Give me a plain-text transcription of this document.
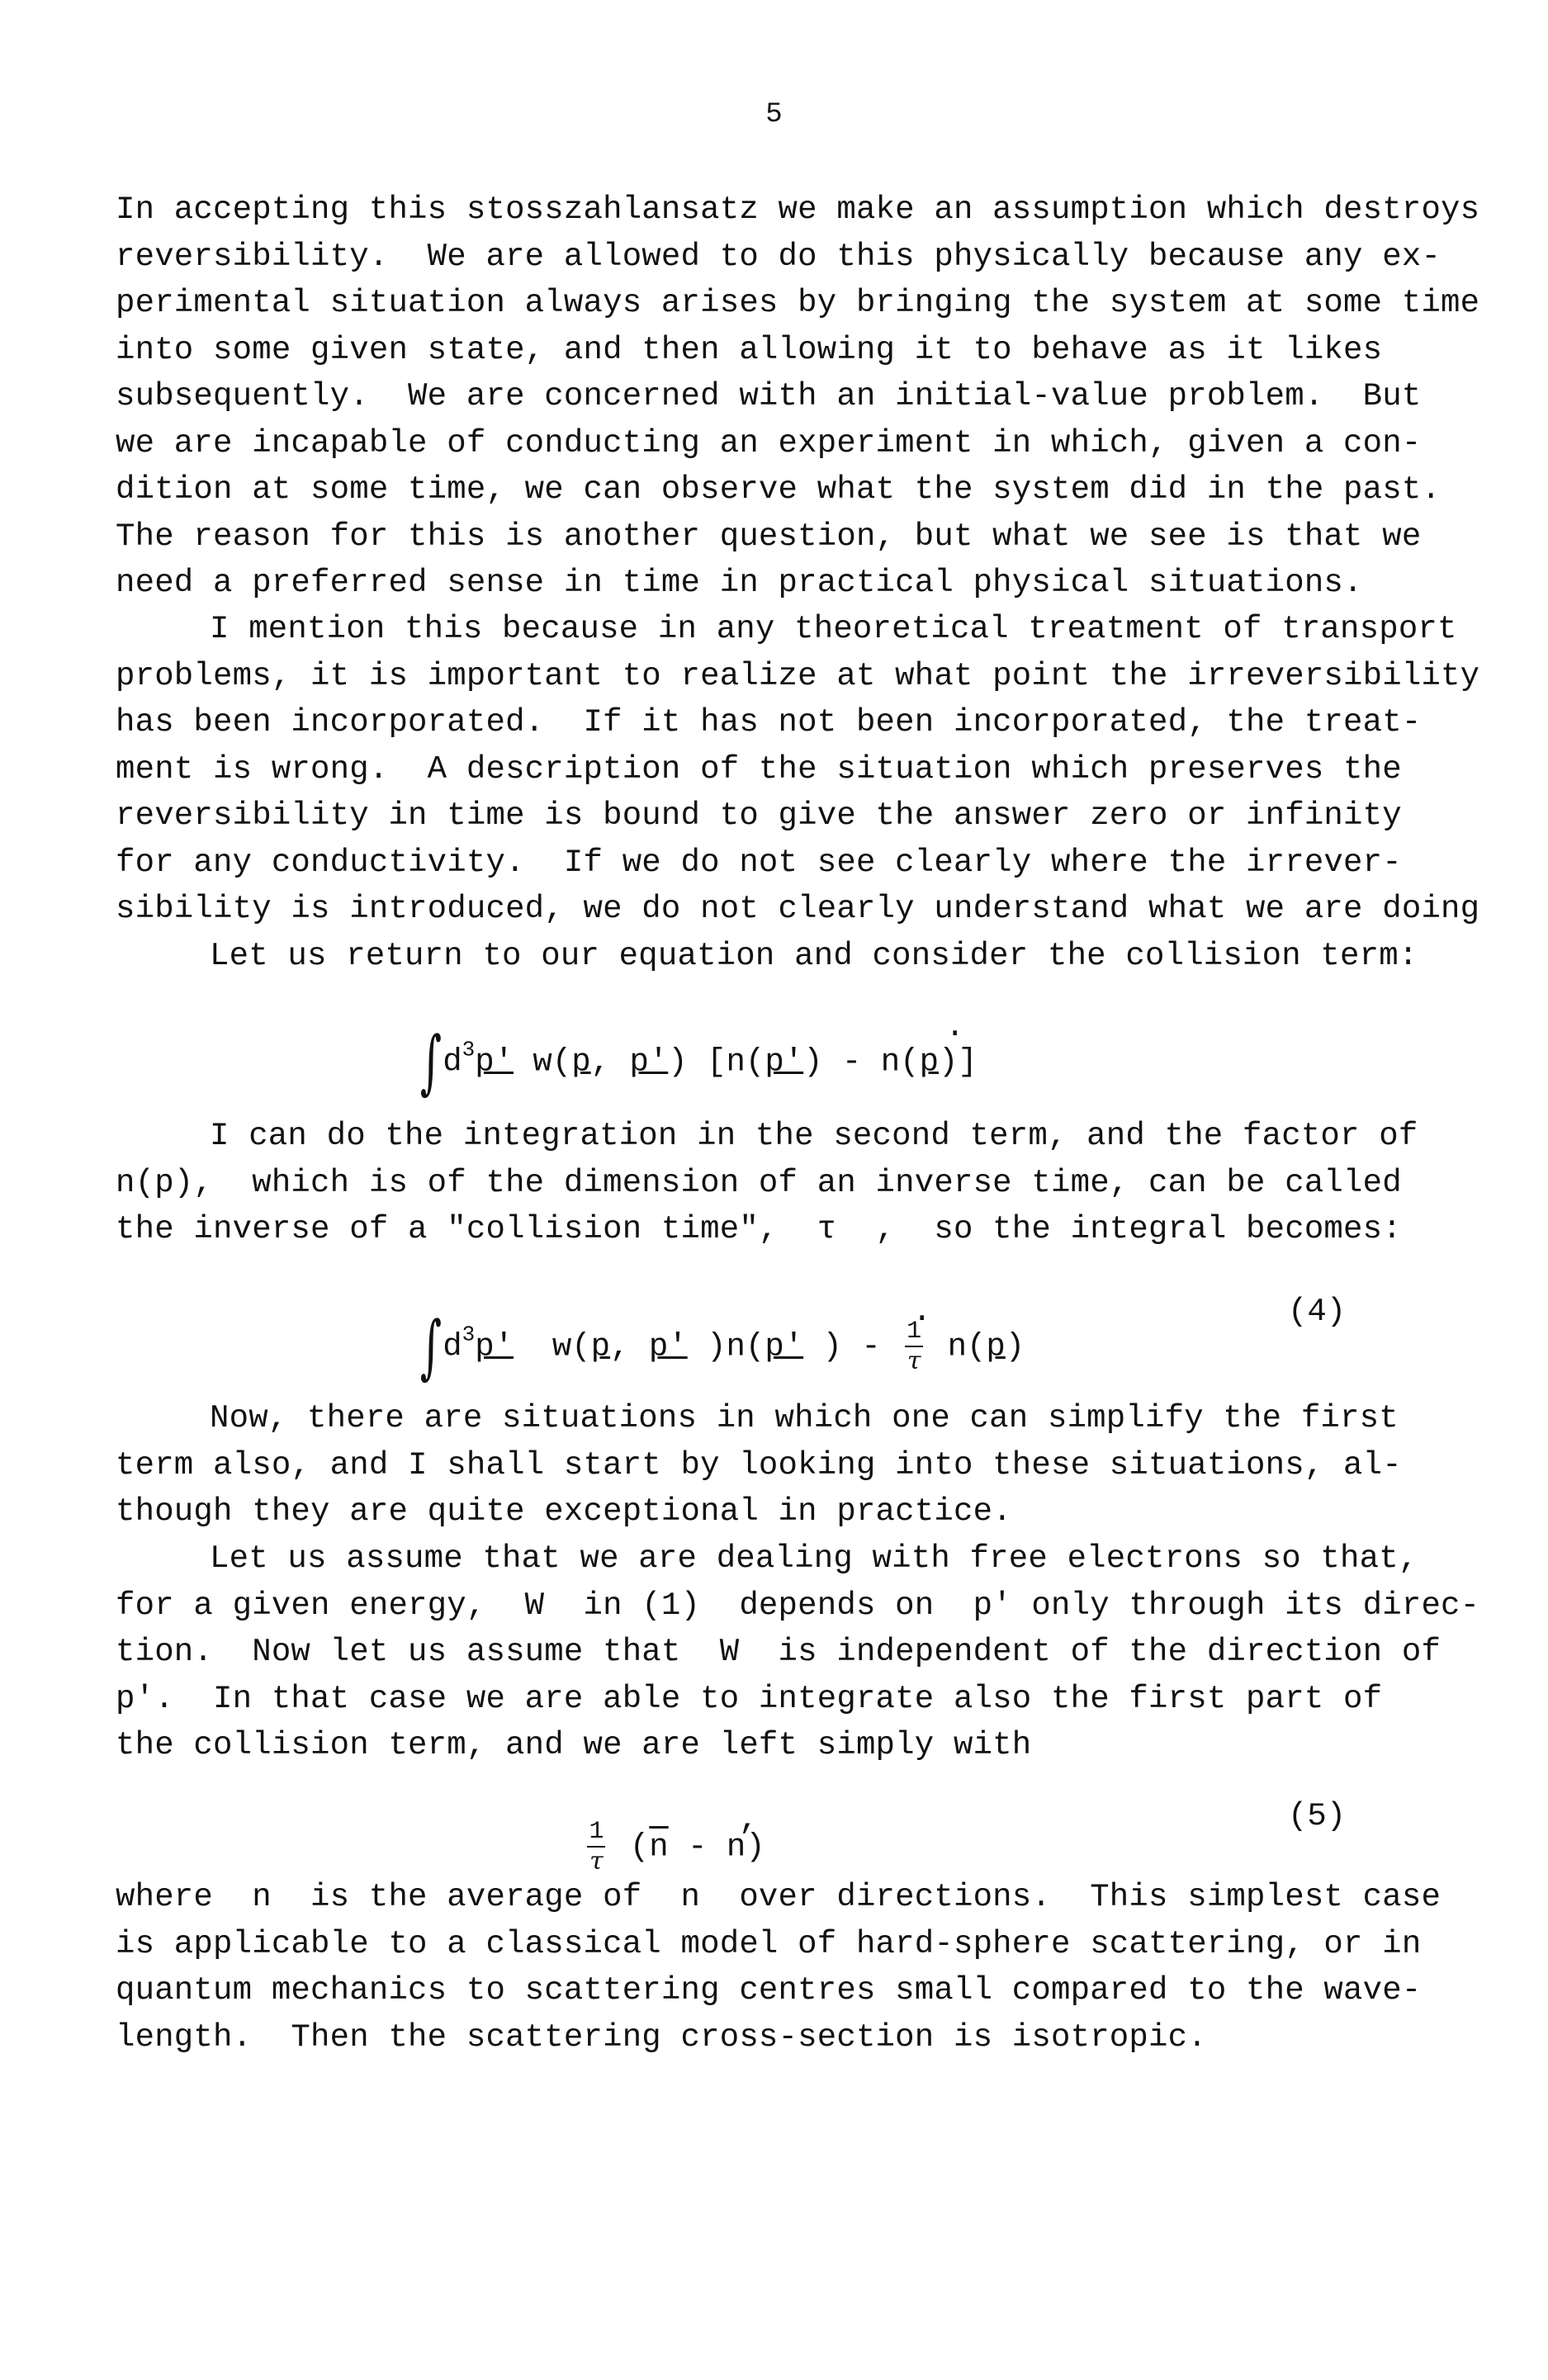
5
In accepting this stosszahlansatz we make an assumption which destroys
reversibility.  We are allowed to do this physically because any ex-
perimental situation always arises by bringing the system at some time
into some given state, and then allowing it to behave as it likes
subsequently.  We are concerned with an initial-value problem.  But
we are incapable of conducting an experiment in which, given a con-
dition at some time, we can observe what the system did in the past.
The reason for this is another question, but what we see is that we
need a preferred sense in time in practical physical situations.
I mention this because in any theoretical treatment of transport
problems, it is important to realize at what point the irreversibility
has been incorporated.  If it has not been incorporated, the treat-
ment is wrong.  A description of the situation which preserves the
reversibility in time is bound to give the answer zero or infinity
for any conductivity.  If we do not see clearly where the irrever-
sibility is introduced, we do not clearly understand what we are doing
Let us return to our equation and consider the collision term:

$\int d^3p'$ w(p, p′) [n(p′) - n(p)]

.
I can do the integration in the second term, and the factor of
n(p),  which is of the dimension of an inverse time, can be called
the inverse of a "collision time",  τ  ,  so the integral becomes:

$\int d^3p'$  w(p, p′ )n(p′ ) - $\frac{1}{\tau} n(p)$

.	(4)
Now, there are situations in which one can simplify the first
term also, and I shall start by looking into these situations, al-
though they are quite exceptional in practice.
Let us assume that we are dealing with free electrons so that,
for a given energy,  W  in (1)  depends on  p′ only through its direc-
tion.  Now let us assume that  W  is independent of the direction of
p′.  In that case we are able to integrate also the first part of
the collision term, and we are left simply with

$\frac{1}{\tau} (\overline{n} - n)$

,	(5)
where  n  is the average of  n  over directions.  This simplest case
is applicable to a classical model of hard-sphere scattering, or in
quantum mechanics to scattering centres small compared to the wave-
length.  Then the scattering cross-section is isotropic.
